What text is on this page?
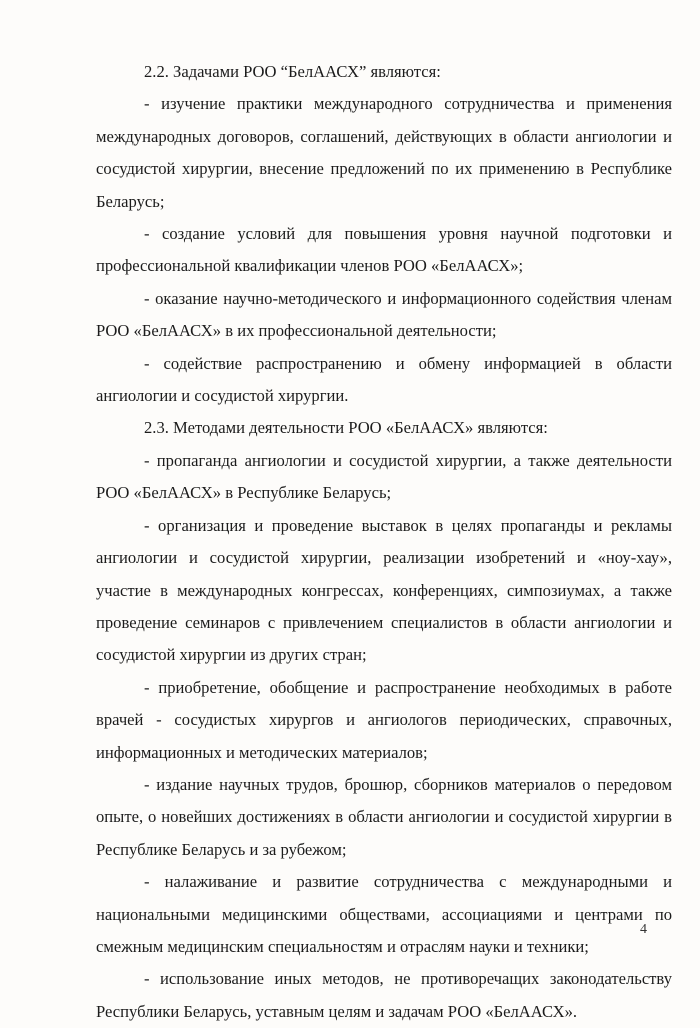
2.2. Задачами РОО “БелААСХ” являются:

- изучение практики международного сотрудничества и применения международных договоров, соглашений, действующих в области ангиологии и сосудистой хирургии, внесение предложений по их применению в Республике Беларусь;

- создание условий для повышения уровня научной подготовки и профессиональной квалификации членов РОО «БелААСХ»;

- оказание научно-методического и информационного содействия членам РОО «БелААСХ» в их профессиональной деятельности;

- содействие распространению и обмену информацией в области ангиологии и сосудистой хирургии.

2.3. Методами деятельности РОО «БелААСХ» являются:

- пропаганда ангиологии и сосудистой хирургии, а также деятельности РОО «БелААСХ» в Республике Беларусь;

- организация и проведение выставок в целях пропаганды и рекламы ангиологии и сосудистой хирургии, реализации изобретений и «ноу-хау», участие в международных конгрессах, конференциях, симпозиумах, а также проведение семинаров с привлечением специалистов в области ангиологии и сосудистой хирургии из других стран;

- приобретение, обобщение и распространение необходимых в работе врачей - сосудистых хирургов и ангиологов периодических, справочных, информационных и методических материалов;

- издание научных трудов, брошюр, сборников материалов о передовом опыте, о новейших достижениях в области ангиологии и сосудистой хирургии в Республике Беларусь и за рубежом;

- налаживание и развитие сотрудничества с международными и национальными медицинскими обществами, ассоциациями и центрами по смежным медицинским специальностям и отраслям науки и техники;

- использование иных методов, не противоречащих законодательству Республики Беларусь, уставным целям и задачам РОО «БелААСХ».

4
